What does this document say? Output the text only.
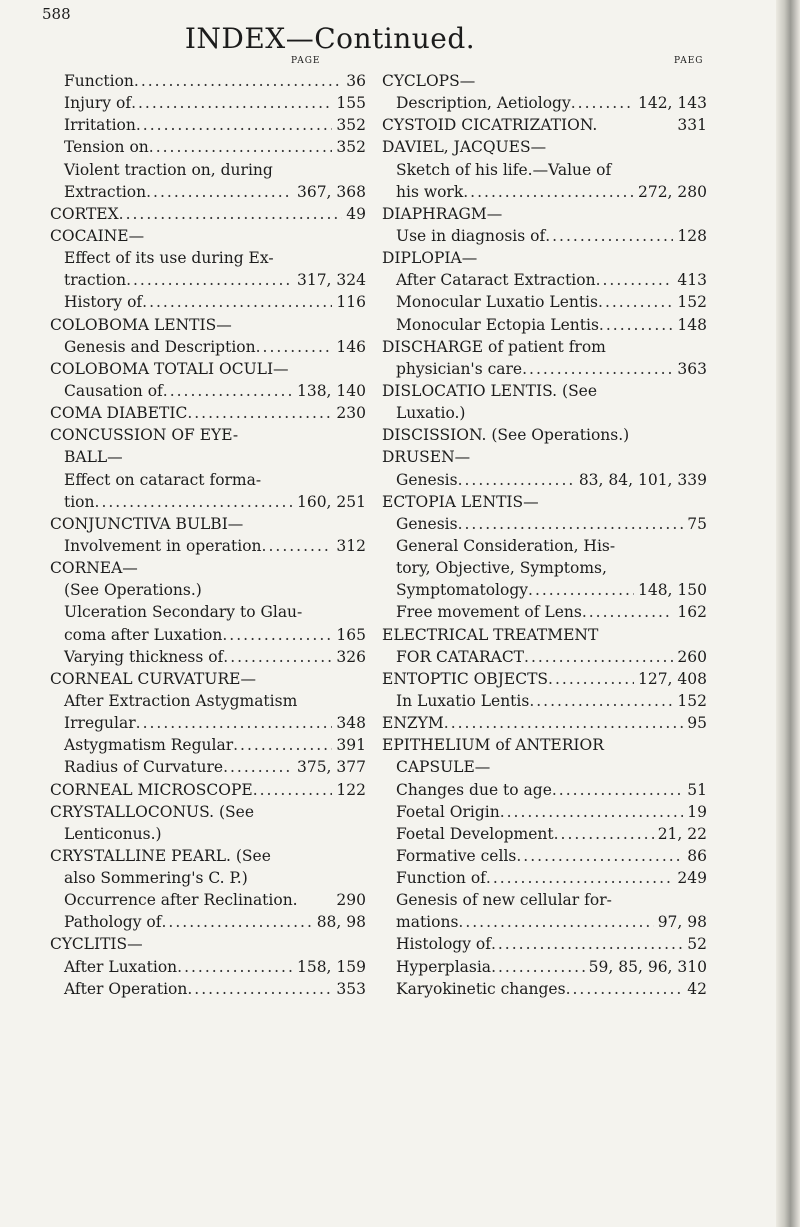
588
INDEX—Continued.
PAGE	PAEG
Function .....	36
Injury of .....	155
Irritation .....	352
Tension on .....	352
Violent traction on, during
Extraction .....	367, 368
CORTEX .....	49
COCAINE—
Effect of its use during Ex-
traction .....	317, 324
History of .....	116
COLOBOMA LENTIS—
Genesis and Description .....	146
COLOBOMA TOTALI OCULI—
Causation of .....	138, 140
COMA DIABETIC .....	230
CONCUSSION OF EYE-
BALL—
Effect on cataract forma-
tion .....	160, 251
CONJUNCTIVA BULBI—
Involvement in operation .....	312
CORNEA—
(See Operations.)
Ulceration Secondary to Glau-
coma after Luxation .....	165
Varying thickness of .....	326
CORNEAL CURVATURE—
After Extraction Astygmatism
Irregular .....	348
Astygmatism Regular .....	391
Radius of Curvature .....	375, 377
CORNEAL MICROSCOPE .....	122
CRYSTALLOCONUS. (See
Lenticonus.)
CRYSTALLINE PEARL. (See
also Sommering's C. P.)
Occurrence after Reclination.	290
Pathology of .....	88, 98
CYCLITIS—
After Luxation .....	158, 159
After Operation .....	353
CYCLOPS—
Description, Aetiology .....	142, 143
CYSTOID CICATRIZATION.	331
DAVIEL, JACQUES—
Sketch of his life.—Value of
his work .....	272, 280
DIAPHRAGM—
Use in diagnosis of .....	128
DIPLOPIA—
After Cataract Extraction .....	413
Monocular Luxatio Lentis .....	152
Monocular Ectopia Lentis .....	148
DISCHARGE of patient from
physician's care .....	363
DISLOCATIO LENTIS. (See
Luxatio.)
DISCISSION. (See Operations.)
DRUSEN—
Genesis .....	83, 84, 101, 339
ECTOPIA LENTIS—
Genesis .....	75
General Consideration, His-
tory, Objective, Symptoms,
Symptomatology .....	148, 150
Free movement of Lens .....	162
ELECTRICAL TREATMENT
FOR CATARACT .....	260
ENTOPTIC OBJECTS .....	127, 408
In Luxatio Lentis .....	152
ENZYM .....	95
EPITHELIUM of ANTERIOR
CAPSULE—
Changes due to age .....	51
Foetal Origin .....	19
Foetal Development .....	21, 22
Formative cells .....	86
Function of .....	249
Genesis of new cellular for-
mations .....	97, 98
Histology of .....	52
Hyperplasia .....	59, 85, 96, 310
Karyokinetic changes .....	42
